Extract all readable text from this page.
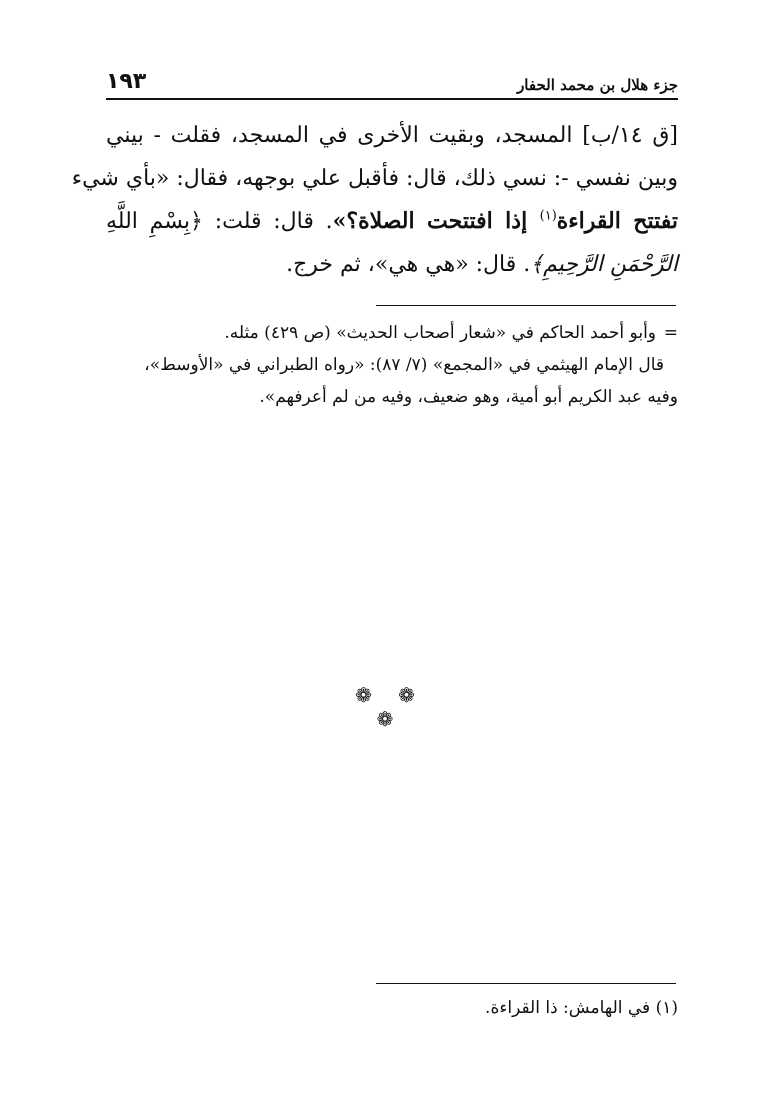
جزء هلال بن محمد الحفار
١٩٣
[ق ١٤/ب] المسجد، وبقيت الأخرى في المسجد، فقلت - بيني
وبين نفسي -: نسي ذلك، قال: فأقبل علي بوجهه، فقال: «بأي شيء
تفتتح القراءة$^{(١)}$ إذا افتتحت الصلاة؟». قال: قلت: ﴿بِسْمِ اللَّهِ
الرَّحْمَنِ الرَّحِيمِ﴾. قال: «هي هي»، ثم خرج.
=وأبو أحمد الحاكم في «شعار أصحاب الحديث» (ص ٤٢٩) مثله.
قال الإمام الهيثمي في «المجمع» (٧/ ٨٧): «رواه الطبراني في «الأوسط»،
وفيه عبد الكريم أبو أمية، وهو ضعيف، وفيه من لم أعرفهم».
❁ ❁ ❁
(١) في الهامش: ذا القراءة.
